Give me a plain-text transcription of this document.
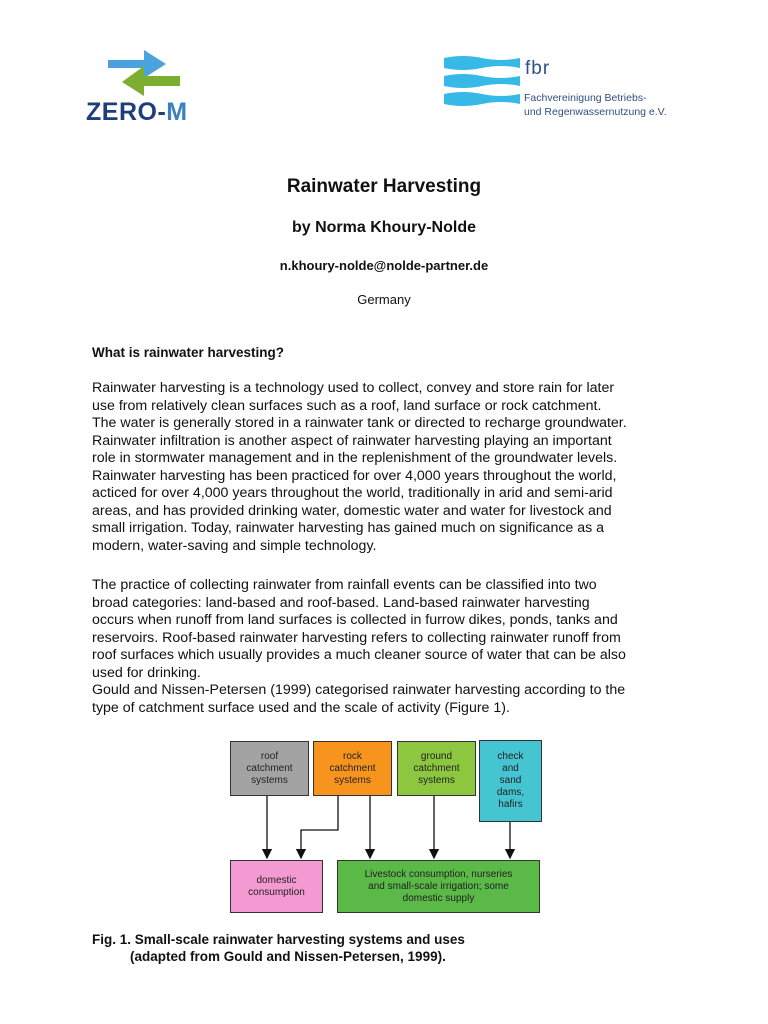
ZERO-M
fbr
Fachvereinigung Betriebs-
und Regenwassernutzung e.V.
Rainwater Harvesting
by Norma Khoury-Nolde
n.khoury-nolde@nolde-partner.de
Germany
What is rainwater harvesting?

Rainwater harvesting is a technology used to collect, convey and store rain for later
use from relatively clean surfaces such as a roof, land surface or rock catchment.
The water is generally stored in a rainwater tank or directed to recharge groundwater.
Rainwater infiltration is another aspect of rainwater harvesting playing an important
role in stormwater management and in the replenishment of the groundwater levels.
Rainwater harvesting has been practiced for over 4,000 years throughout the world,
acticed for over 4,000 years throughout the world, traditionally in arid and semi-arid
areas, and has provided drinking water, domestic water and water for livestock and
small irrigation. Today, rainwater harvesting has gained much on significance as a
modern, water-saving and simple technology.

The practice of collecting rainwater from rainfall events can be classified into two
broad categories: land-based and roof-based. Land-based rainwater harvesting
occurs when runoff from land surfaces is collected in furrow dikes, ponds, tanks and
reservoirs. Roof-based rainwater harvesting refers to collecting rainwater runoff from
roof surfaces which usually provides a much cleaner source of water that can be also
used for drinking.
Gould and Nissen-Petersen (1999) categorised rainwater harvesting according to the
type of catchment surface used and the scale of activity (Figure 1).

roof
catchment
systems
rock
catchment
systems
ground
catchment
systems
check
and
sand
dams,
hafirs
domestic
consumption
Livestock consumption, nurseries
and small-scale irrigation; some
domestic supply
Fig. 1. Small-scale rainwater harvesting systems and uses
(adapted from Gould and Nissen-Petersen, 1999).
